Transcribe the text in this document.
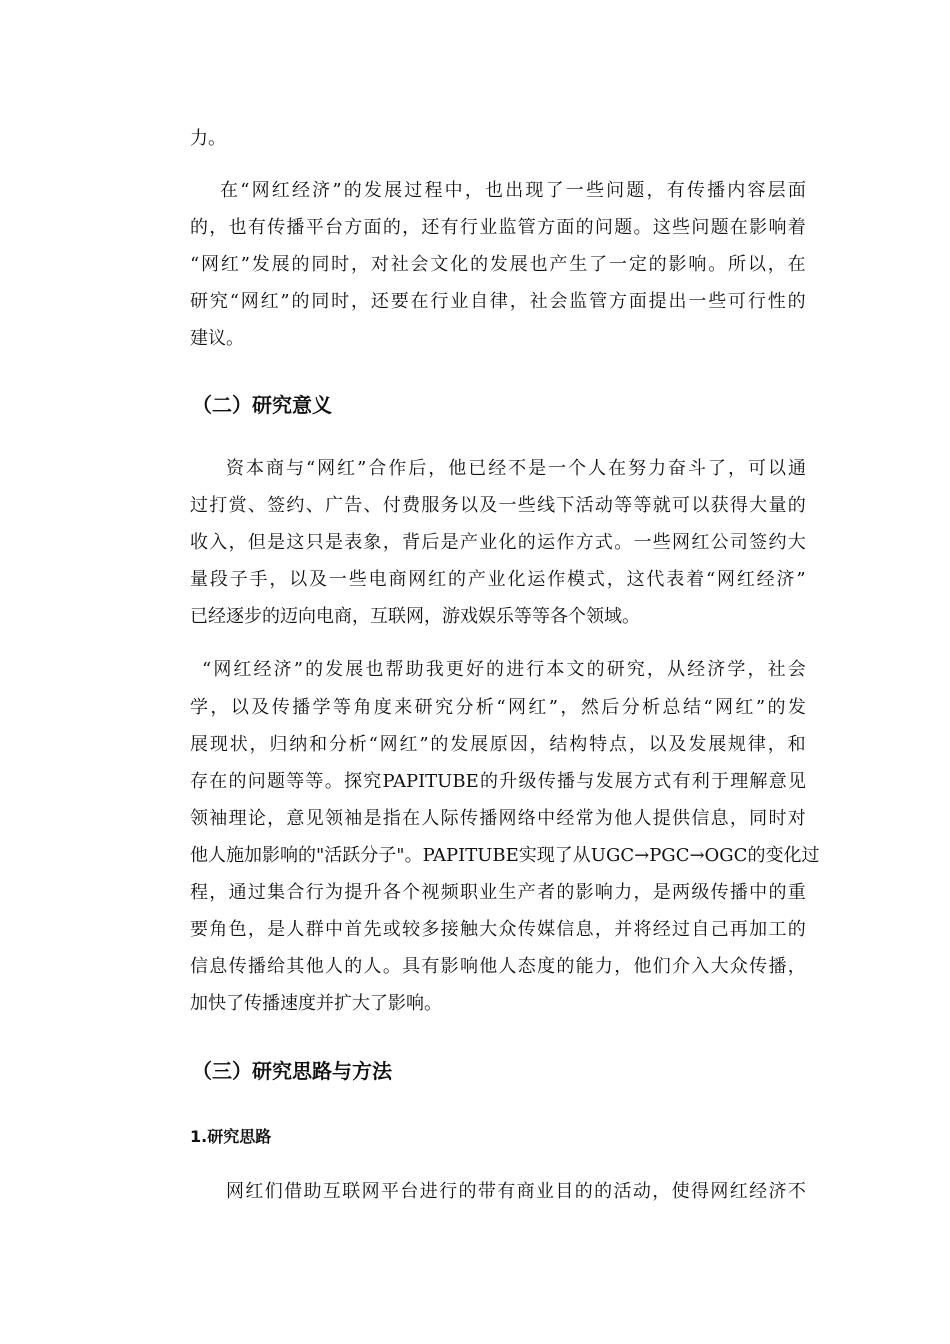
力。

在 “ 网 红 经 济 ” 的 发 展 过 程 中 ， 也 出 现 了 一 些 问 题 ， 有 传 播 内 容 层 面

的 ， 也 有 传 播 平 台 方 面 的 ， 还 有 行 业 监 管 方 面 的 问 题 。 这 些 问 题 在 影 响 着

“ 网 红 ” 发 展 的 同 时 ， 对 社 会 文 化 的 发 展 也 产 生 了 一 定 的 影 响 。 所 以 ， 在

研 究 “ 网 红 ” 的 同 时 ， 还 要 在 行 业 自 律 ， 社 会 监 管 方 面 提 出 一 些 可 行 性 的

建议。

（二）研究意义

资 本 商 与 “ 网 红 ” 合 作 后 ， 他 已 经 不 是 一 个 人 在 努 力 奋 斗 了 ， 可 以 通

过 打 赏 、 签 约 、 广 告 、 付 费 服 务 以 及 一 些 线 下 活 动 等 等 就 可 以 获 得 大 量 的

收 入 ， 但 是 这 只 是 表 象 ， 背 后 是 产 业 化 的 运 作 方 式 。 一 些 网 红 公 司 签 约 大

量 段 子 手 ， 以 及 一 些 电 商 网 红 的 产 业 化 运 作 模 式 ， 这 代 表 着 “ 网 红 经 济 ”

已经逐步的迈向电商，互联网，游戏娱乐等等各个领域。

“ 网 红 经 济 ” 的 发 展 也 帮 助 我 更 好 的 进 行 本 文 的 研 究 ， 从 经 济 学 ， 社 会

学 ， 以 及 传 播 学 等 角 度 来 研 究 分 析 “ 网 红 ” ， 然 后 分 析 总 结 “ 网 红 ” 的 发

展 现 状 ， 归 纳 和 分 析 “ 网 红 ” 的 发 展 原 因 ， 结 构 特 点 ， 以 及 发 展 规 律 ， 和

存 在 的 问 题 等 等 。 探 究 PAPITUBE 的 升 级 传 播 与 发 展 方 式 有 利 于 理 解 意 见

领 袖 理 论 ， 意 见 领 袖 是 指 在 人 际 传 播 网 络 中 经 常 为 他 人 提 供 信 息 ， 同 时 对

他 人 施 加 影 响 的 " 活 跃 分 子 " 。 PAPITUBE 实 现 了 从 UGC→PGC→OGC 的 变 化 过

程 ， 通 过 集 合 行 为 提 升 各 个 视 频 职 业 生 产 者 的 影 响 力 ， 是 两 级 传 播 中 的 重

要 角 色 ， 是 人 群 中 首 先 或 较 多 接 触 大 众 传 媒 信 息 ， 并 将 经 过 自 己 再 加 工 的

信 息 传 播 给 其 他 人 的 人 。 具 有 影 响 他 人 态 度 的 能 力 ， 他 们 介 入 大 众 传 播 ，

加快了传播速度并扩大了影响。

（三）研究思路与方法
1.研究思路

网 红 们 借 助 互 联 网 平 台 进 行 的 带 有 商 业 目 的 的 活 动 ， 使 得 网 红 经 济 不
